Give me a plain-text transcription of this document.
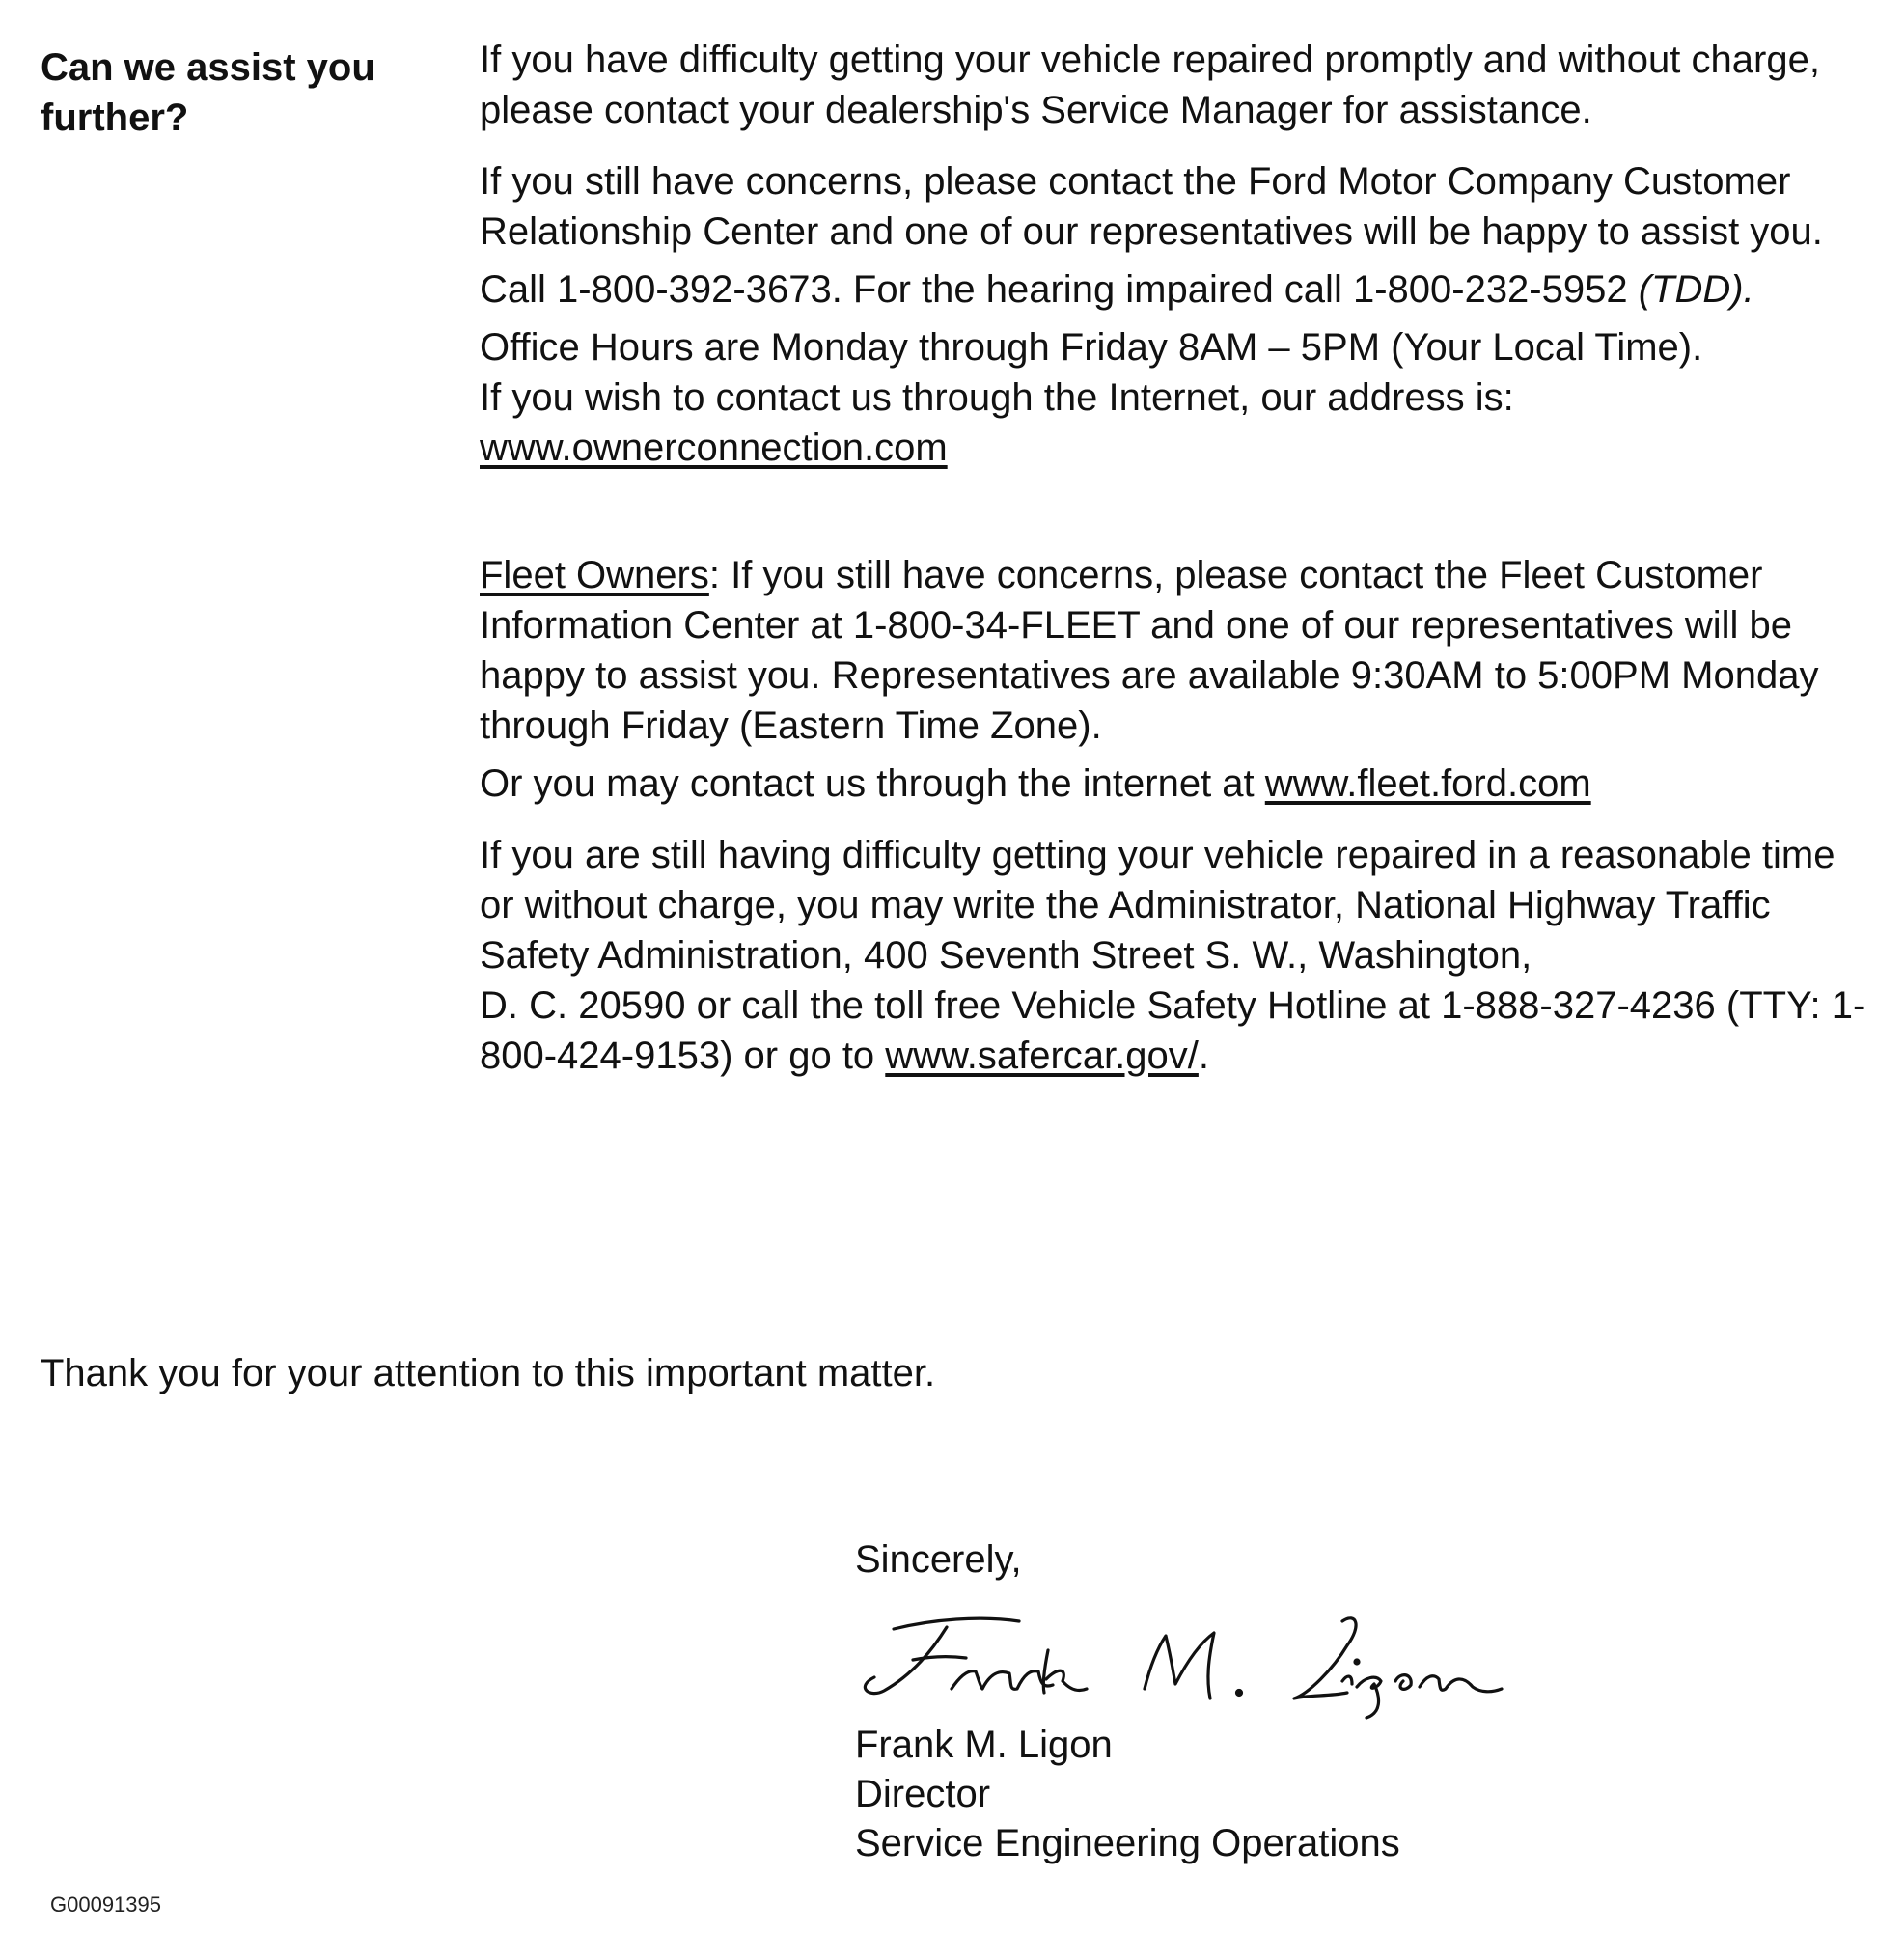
Can we assist you
further?

If you have difficulty getting your vehicle repaired promptly and without charge, please contact your dealership's Service Manager for assistance.

If you still have concerns, please contact the Ford Motor Company Customer Relationship Center and one of our representatives will be happy to assist you.

Call 1-800-392-3673. For the hearing impaired call 1-800-232-5952 (TDD).

Office Hours are Monday through Friday 8AM – 5PM (Your Local Time).
If you wish to contact us through the Internet, our address is:
www.ownerconnection.com

Fleet Owners: If you still have concerns, please contact the Fleet Customer Information Center at 1-800-34-FLEET and one of our representatives will be happy to assist you. Representatives are available 9:30AM to 5:00PM Monday through Friday (Eastern Time Zone).

Or you may contact us through the internet at www.fleet.ford.com

If you are still having difficulty getting your vehicle repaired in a reasonable time or without charge, you may write the Administrator, National Highway Traffic Safety Administration, 400 Seventh Street S. W., Washington,
D. C. 20590 or call the toll free Vehicle Safety Hotline at 1-888-327-4236 (TTY: 1-800-424-9153) or go to www.safercar.gov/.

Thank you for your attention to this important matter.
Sincerely,
Frank M. Ligon
Director
Service Engineering Operations
G00091395
